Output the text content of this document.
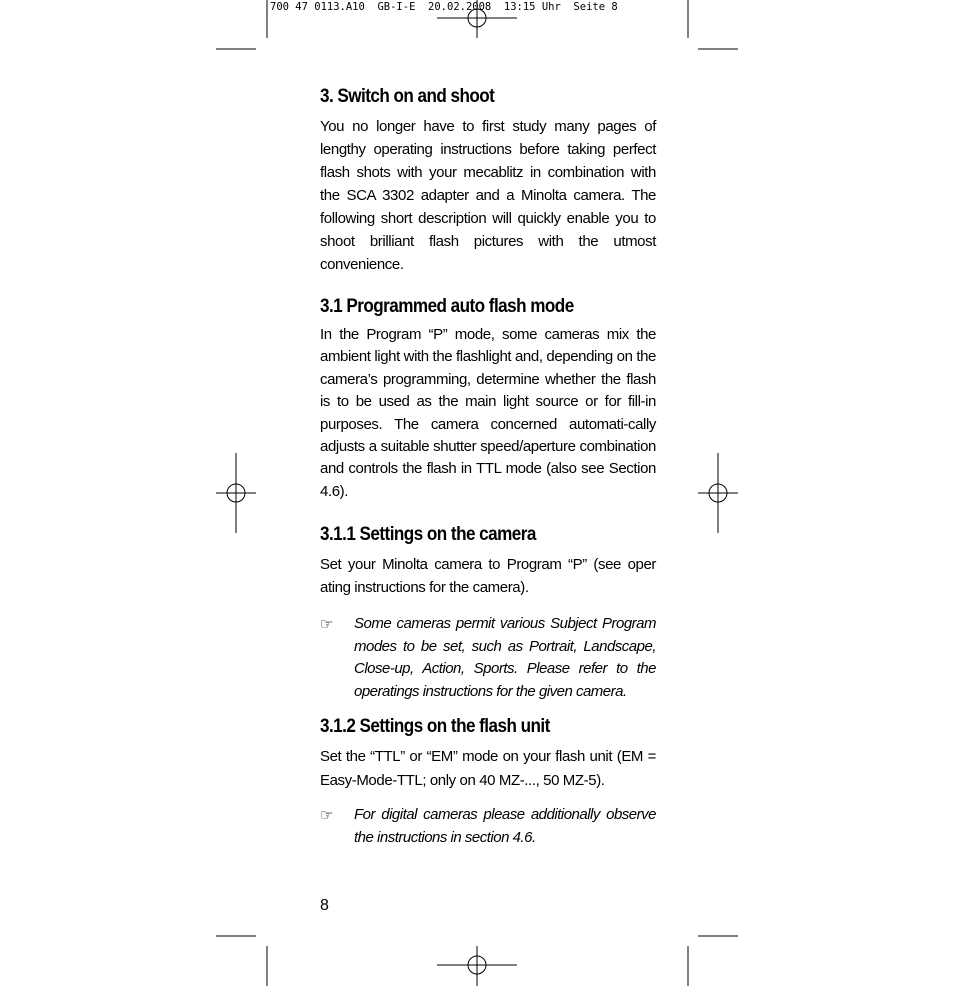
700 47 0113.A10  GB-I-E  20.02.2008  13:15 Uhr  Seite 8
3. Switch on and shoot

You no longer have to first study many pages of lengthy operating instructions before taking perfect flash shots with your mecablitz in combination with the SCA 3302 adapter and a Minolta camera. The following short description will quickly enable you to shoot brilliant flash pictures with the utmost convenience.

3.1 Programmed auto flash mode

In the Program “P” mode, some cameras mix the ambient light with the flashlight and, depending on the camera’s programming, determine whether the flash is to be used as the main light source or for fill-in purposes. The camera concerned automati-cally adjusts a suitable shutter speed/aperture combination and controls the flash in TTL mode (also see Section 4.6).

3.1.1 Settings on the camera

Set your Minolta camera to Program “P” (see oper ating instructions for the camera).

☞	Some cameras permit various Subject Program modes to be set, such as Portrait, Landscape, Close-up, Action, Sports. Please refer to the operatings instructions for the given camera.

3.1.2 Settings on the flash unit

Set the “TTL” or “EM” mode on your flash unit (EM = Easy-Mode-TTL; only on 40 MZ-..., 50 MZ-5).

☞	For digital cameras please additionally observe the instructions in section 4.6.

8
